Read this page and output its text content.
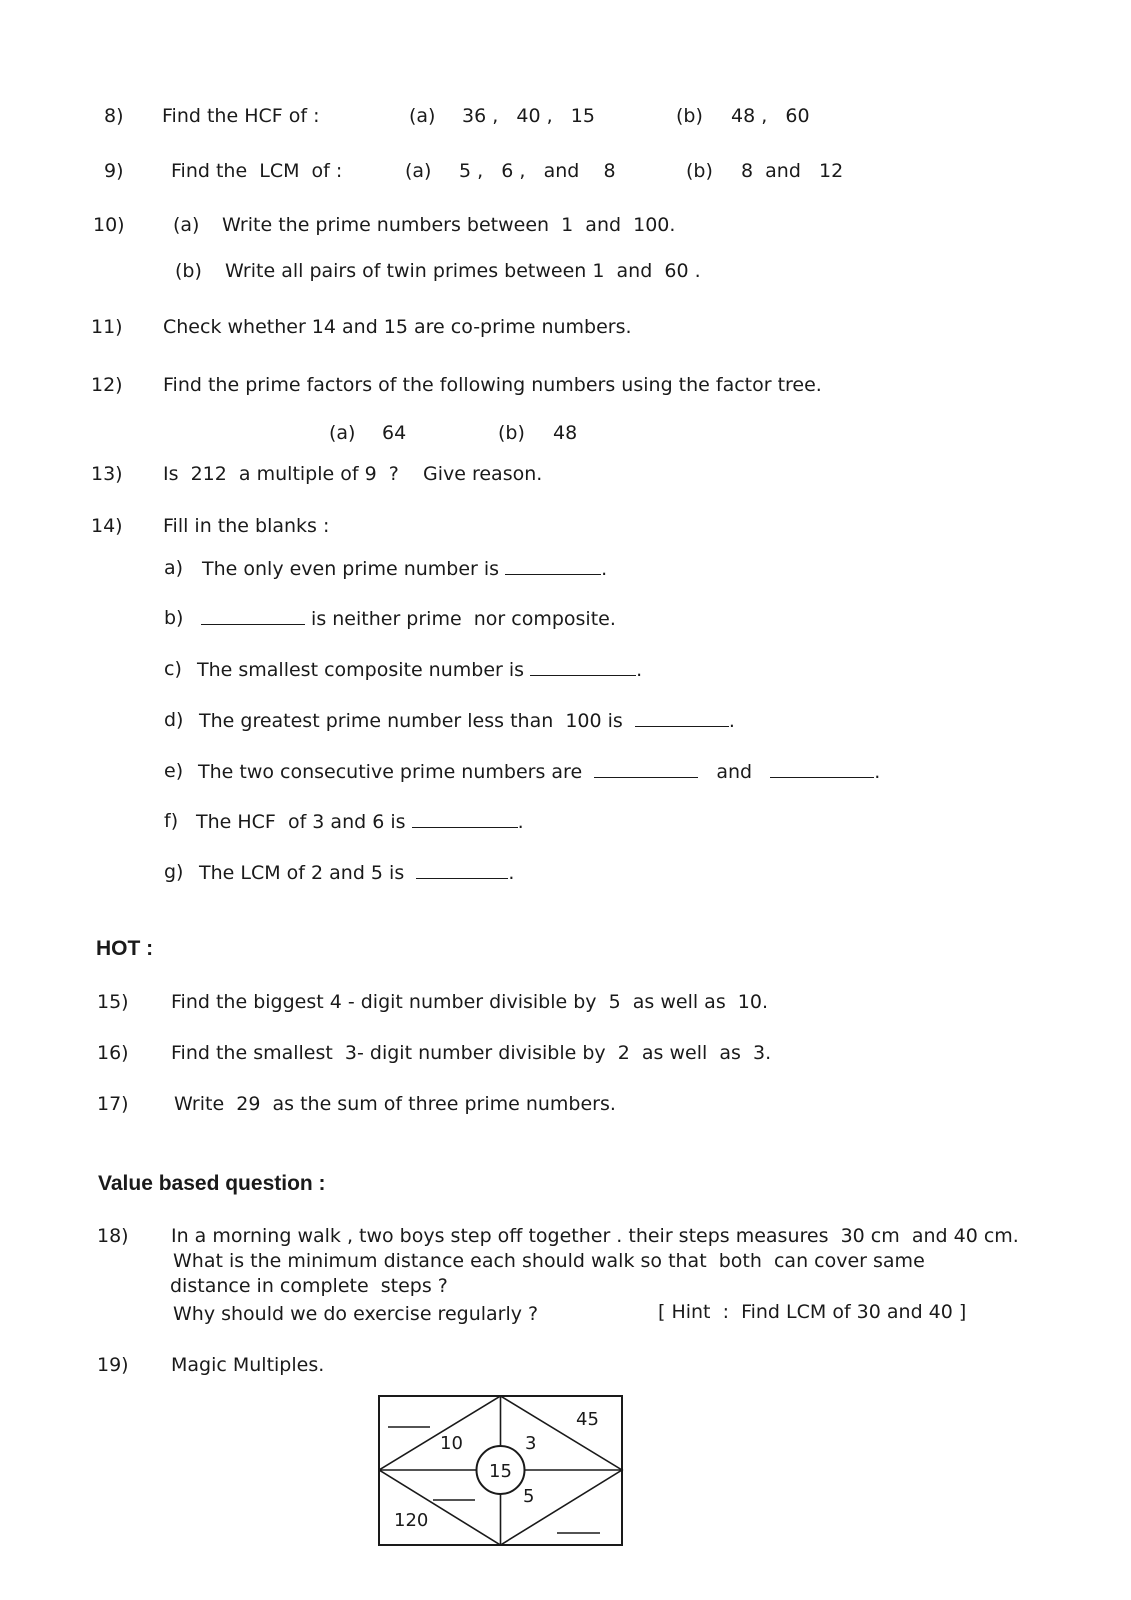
8) Find the HCF of :	(a) 36 ,   40 ,   15	(b) 48 ,   60
9) Find the  LCM  of :	(a) 5 ,   6 ,   and    8	(b) 8  and   12
10)	(a) Write the prime numbers between  1  and  100.
(b) Write all pairs of twin primes between 1  and  60 .
11) Check whether 14 and 15 are co-prime numbers.
12) Find the prime factors of the following numbers using the factor tree.
(a) 64	(b) 48
13) Is  212  a multiple of 9  ?    Give reason.
14) Fill in the blanks :
a) The only even prime number is	.
b)	is neither prime  nor composite.
c) The smallest composite number is	.
d) The greatest prime number less than  100 is	.
e) The two consecutive prime numbers are	and	.
f) The HCF  of 3 and 6 is	.
g) The LCM of 2 and 5 is	.
HOT :
15) Find the biggest 4 - digit number divisible by  5  as well as  10.
16) Find the smallest  3- digit number divisible by  2  as well  as  3.
17) Write  29  as the sum of three prime numbers.
Value based question :
18) In a morning walk , two boys step off together . their steps measures  30 cm  and 40 cm.
What is the minimum distance each should walk so that  both  can cover same
distance in complete  steps ?
Why should we do exercise regularly ?	[ Hint  :  Find LCM of 30 and 40 ]
19) Magic Multiples.
15
45
10	3
5
120
